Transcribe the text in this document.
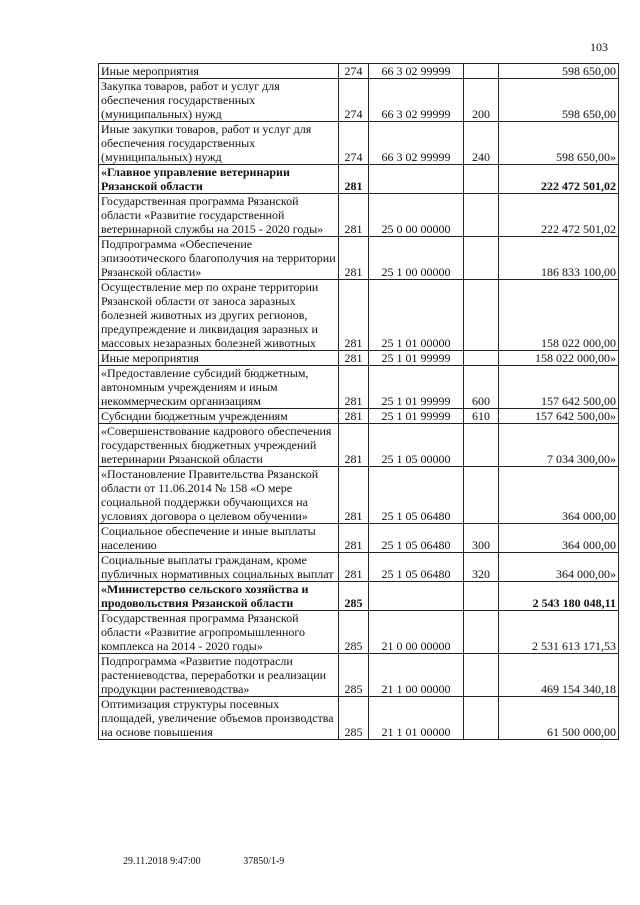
103
Иные мероприятия	274	66 3 02 99999		598 650,00
Закупка товаров, работ и услуг для обеспечения государственных (муниципальных) нужд	274	66 3 02 99999	200	598 650,00
Иные закупки товаров, работ и услуг для обеспечения государственных (муниципальных) нужд	274	66 3 02 99999	240	598 650,00»
«Главное управление ветеринарии Рязанской области	281			222 472 501,02
Государственная программа Рязанской области «Развитие государственной ветеринарной службы на 2015 - 2020 годы»	281	25 0 00 00000		222 472 501,02
Подпрограмма «Обеспечение эпизоотического благополучия на территории Рязанской области»	281	25 1 00 00000		186 833 100,00
Осуществление мер по охране территории Рязанской области от заноса заразных болезней животных из других регионов, предупреждение и ликвидация заразных и массовых незаразных болезней животных	281	25 1 01 00000		158 022 000,00
Иные мероприятия	281	25 1 01 99999		158 022 000,00»
«Предоставление субсидий бюджетным, автономным учреждениям и иным некоммерческим организациям	281	25 1 01 99999	600	157 642 500,00
Субсидии бюджетным учреждениям	281	25 1 01 99999	610	157 642 500,00»
«Совершенствование кадрового обеспечения государственных бюджетных учреждений ветеринарии Рязанской области	281	25 1 05 00000		7 034 300,00»
«Постановление Правительства Рязанской области от 11.06.2014 № 158 «О мере социальной поддержки обучающихся на условиях договора о целевом обучении»	281	25 1 05 06480		364 000,00
Социальное обеспечение и иные выплаты населению	281	25 1 05 06480	300	364 000,00
Социальные выплаты гражданам, кроме публичных нормативных социальных выплат	281	25 1 05 06480	320	364 000,00»
«Министерство сельского хозяйства и продовольствия Рязанской области	285			2 543 180 048,11
Государственная программа Рязанской области «Развитие агропромышленного комплекса на 2014 - 2020 годы»	285	21 0 00 00000		2 531 613 171,53
Подпрограмма «Развитие подотрасли растениеводства, переработки и реализации продукции растениеводства»	285	21 1 00 00000		469 154 340,18
Оптимизация структуры посевных площадей, увеличение объемов производства на основе повышения	285	21 1 01 00000		61 500 000,00
29.11.2018 9:47:00	37850/1-9
